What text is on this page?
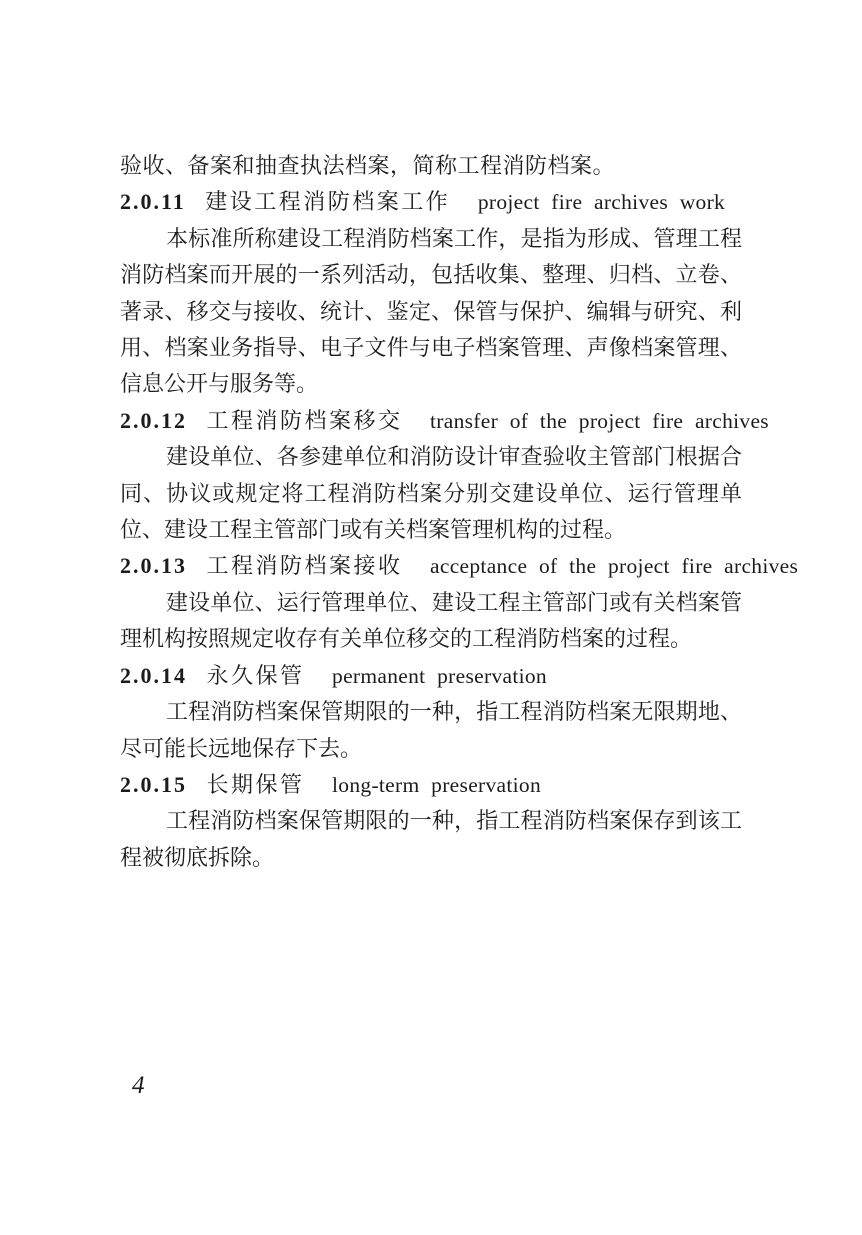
验收、备案和抽查执法档案，简称工程消防档案。

2.0.11 建设工程消防档案工作 project fire archives work

本标准所称建设工程消防档案工作，是指为形成、管理工程消防档案而开展的一系列活动，包括收集、整理、归档、立卷、著录、移交与接收、统计、鉴定、保管与保护、编辑与研究、利用、档案业务指导、电子文件与电子档案管理、声像档案管理、信息公开与服务等。

2.0.12 工程消防档案移交 transfer of the project fire archives

建设单位、各参建单位和消防设计审查验收主管部门根据合同、协议或规定将工程消防档案分别交建设单位、运行管理单位、建设工程主管部门或有关档案管理机构的过程。

2.0.13 工程消防档案接收 acceptance of the project fire archives

建设单位、运行管理单位、建设工程主管部门或有关档案管理机构按照规定收存有关单位移交的工程消防档案的过程。

2.0.14 永久保管 permanent preservation

工程消防档案保管期限的一种，指工程消防档案无限期地、尽可能长远地保存下去。

2.0.15 长期保管 long-term preservation

工程消防档案保管期限的一种，指工程消防档案保存到该工程被彻底拆除。

4
